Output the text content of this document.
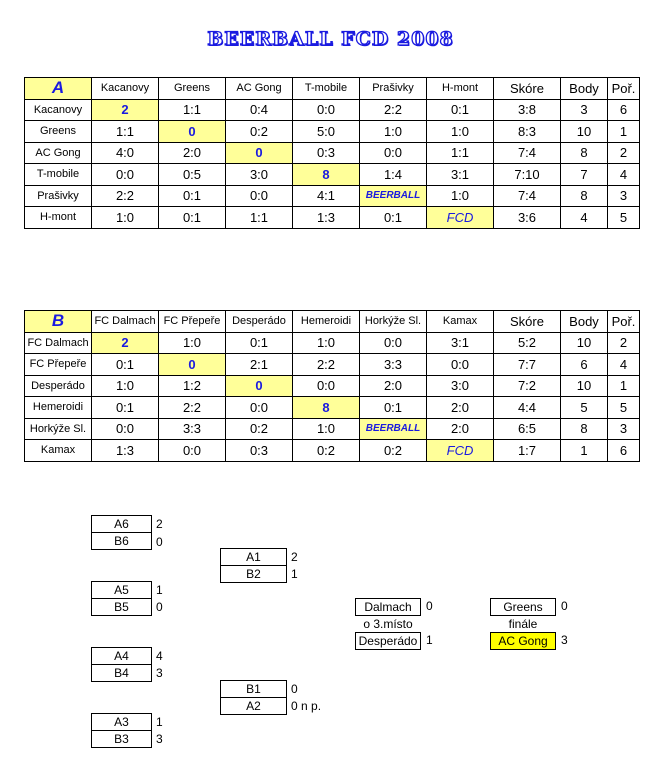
BEERBALL FCD 2008
A	Kacanovy	Greens	AC Gong	T-mobile	Prašivky	H-mont	Skóre	Body	Poř.
Kacanovy	2	1:1	0:4	0:0	2:2	0:1	3:8	3	6
Greens	1:1	0	0:2	5:0	1:0	1:0	8:3	10	1
AC Gong	4:0	2:0	0	0:3	0:0	1:1	7:4	8	2
T-mobile	0:0	0:5	3:0	8	1:4	3:1	7:10	7	4
Prašivky	2:2	0:1	0:0	4:1	BEERBALL	1:0	7:4	8	3
H-mont	1:0	0:1	1:1	1:3	0:1	FCD	3:6	4	5
B	FC Dalmach	FC Přepeře	Desperádo	Hemeroidi	Horkýže Sl.	Kamax	Skóre	Body	Poř.
FC Dalmach	2	1:0	0:1	1:0	0:0	3:1	5:2	10	2
FC Přepeře	0:1	0	2:1	2:2	3:3	0:0	7:7	6	4
Desperádo	1:0	1:2	0	0:0	2:0	3:0	7:2	10	1
Hemeroidi	0:1	2:2	0:0	8	0:1	2:0	4:4	5	5
Horkýže Sl.	0:0	3:3	0:2	1:0	BEERBALL	2:0	6:5	8	3
Kamax	1:3	0:0	0:3	0:2	0:2	FCD	1:7	1	6
A6
B6
2
0
A5
B5
1
0
A4
B4
4
3
A3
B3
1
3
A1
B2
2
1
B1
A2
0
0 n p.
Dalmach
o 3.místo
Desperádo
0
1
Greens
finále
AC Gong
0
3
